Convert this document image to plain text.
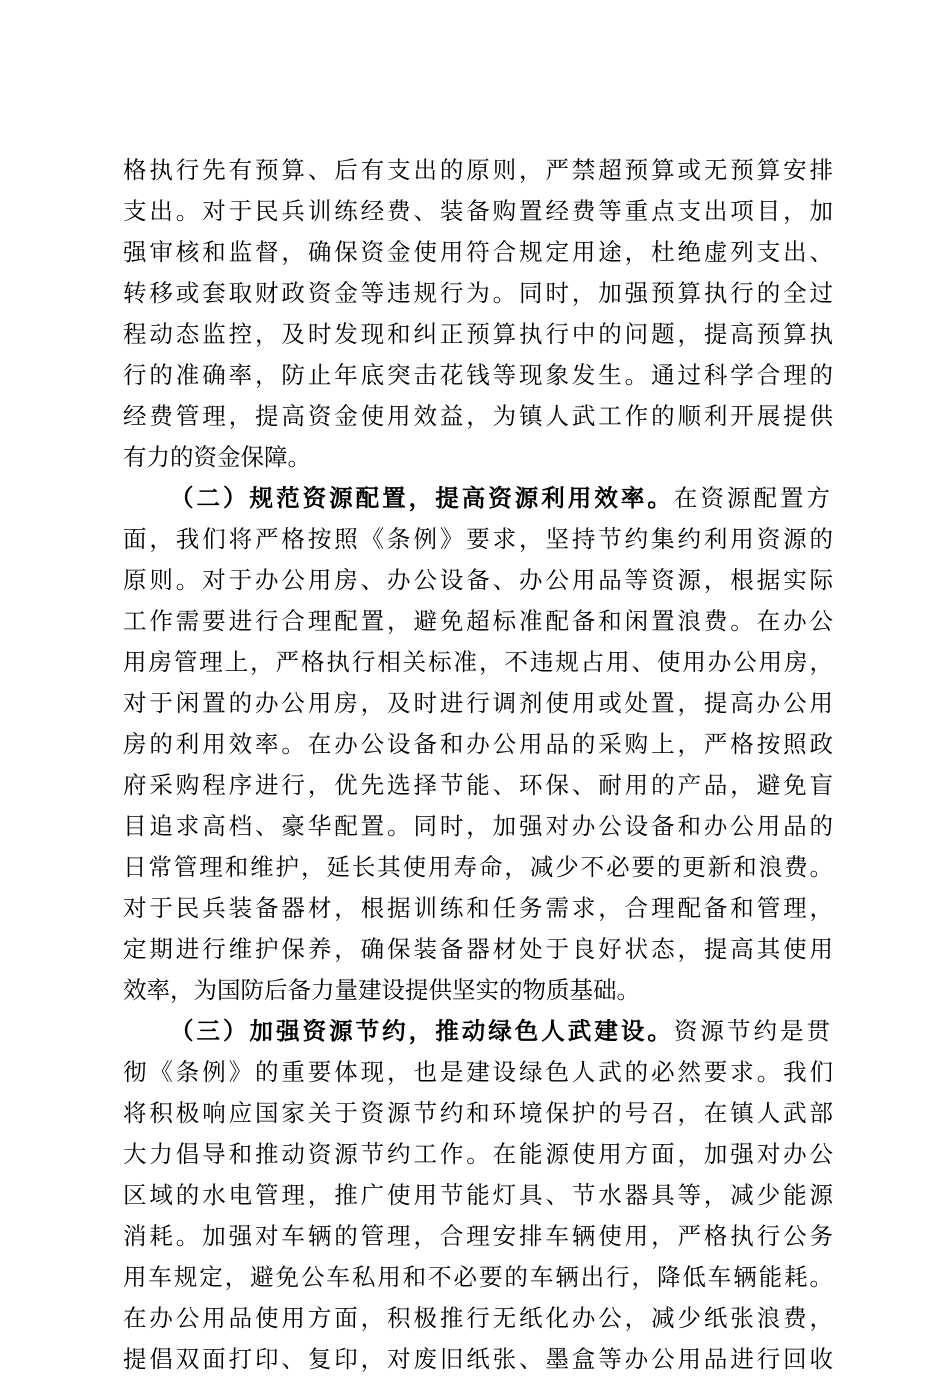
格执行先有预算、后有支出的原则，严禁超预算或无预算安排
支出。对于民兵训练经费、装备购置经费等重点支出项目，加
强审核和监督，确保资金使用符合规定用途，杜绝虚列支出、
转移或套取财政资金等违规行为。同时，加强预算执行的全过
程动态监控，及时发现和纠正预算执行中的问题，提高预算执
行的准确率，防止年底突击花钱等现象发生。通过科学合理的
经费管理，提高资金使用效益，为镇人武工作的顺利开展提供
有力的资金保障。
（二）规范资源配置，提高资源利用效率。 在资源配置方
面，我们将严格按照《条例》要求，坚持节约集约利用资源的
原则。对于办公用房、办公设备、办公用品等资源，根据实际
工作需要进行合理配置，避免超标准配备和闲置浪费。在办公
用房管理上，严格执行相关标准，不违规占用、使用办公用房，
对于闲置的办公用房，及时进行调剂使用或处置，提高办公用
房的利用效率。在办公设备和办公用品的采购上，严格按照政
府采购程序进行，优先选择节能、环保、耐用的产品，避免盲
目追求高档、豪华配置。同时，加强对办公设备和办公用品的
日常管理和维护，延长其使用寿命，减少不必要的更新和浪费。
对于民兵装备器材，根据训练和任务需求，合理配备和管理，
定期进行维护保养，确保装备器材处于良好状态，提高其使用
效率，为国防后备力量建设提供坚实的物质基础。
（三）加强资源节约，推动绿色人武建设。 资源节约是贯
彻《条例》的重要体现，也是建设绿色人武的必然要求。我们
将积极响应国家关于资源节约和环境保护的号召，在镇人武部
大力倡导和推动资源节约工作。在能源使用方面，加强对办公
区域的水电管理，推广使用节能灯具、节水器具等，减少能源
消耗。加强对车辆的管理，合理安排车辆使用，严格执行公务
用车规定，避免公车私用和不必要的车辆出行，降低车辆能耗。
在办公用品使用方面，积极推行无纸化办公，减少纸张浪费，
提倡双面打印、复印，对废旧纸张、墨盒等办公用品进行回收
